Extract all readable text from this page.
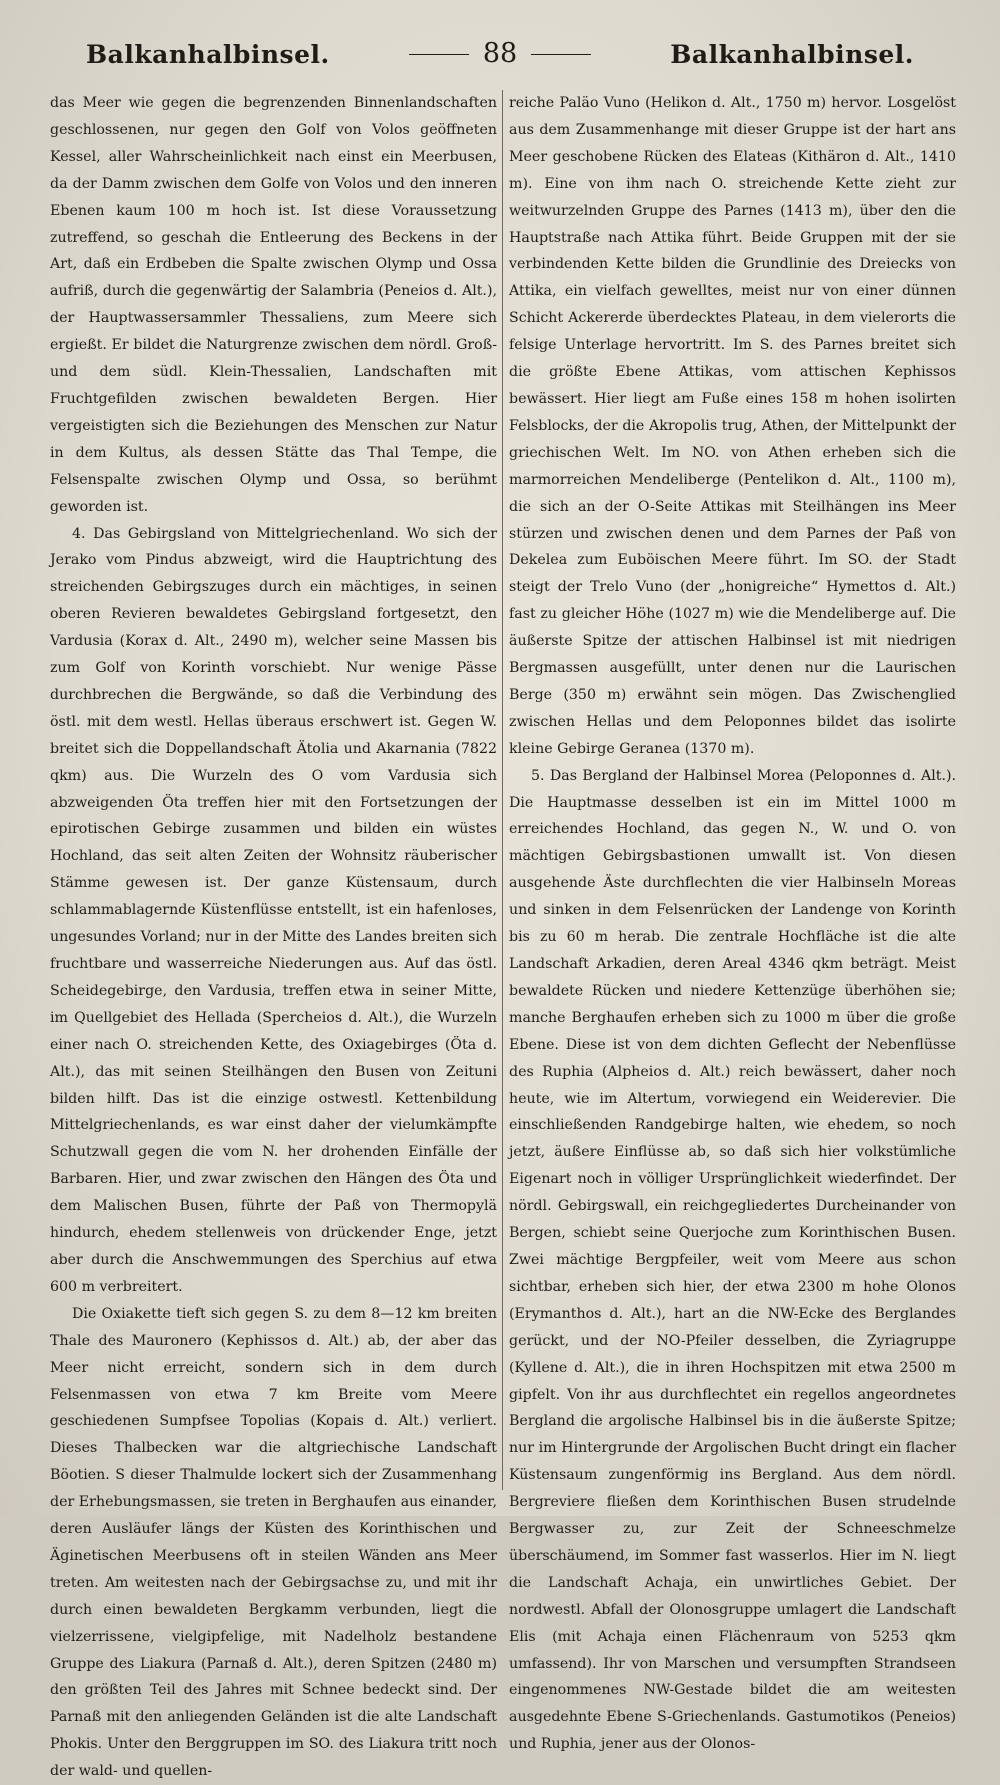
Balkanhalbinsel.	88	Balkanhalbinsel.

das Meer wie gegen die begrenzenden Binnenlandschaften geschlossenen, nur gegen den Golf von Volos geöffneten Kessel, aller Wahrscheinlichkeit nach einst ein Meerbusen, da der Damm zwischen dem Golfe von Volos und den inneren Ebenen kaum 100 m hoch ist. Ist diese Voraussetzung zutreffend, so geschah die Entleerung des Beckens in der Art, daß ein Erdbeben die Spalte zwischen Olymp und Ossa aufriß, durch die gegenwärtig der Salambria (Peneios d. Alt.), der Hauptwassersammler Thessaliens, zum Meere sich ergießt. Er bildet die Naturgrenze zwischen dem nördl. Groß- und dem südl. Klein-Thessalien, Landschaften mit Fruchtgefilden zwischen bewaldeten Bergen. Hier vergeistigten sich die Beziehungen des Menschen zur Natur in dem Kultus, als dessen Stätte das Thal Tempe, die Felsenspalte zwischen Olymp und Ossa, so berühmt geworden ist.

4. Das Gebirgsland von Mittelgriechenland. Wo sich der Jerako vom Pindus abzweigt, wird die Hauptrichtung des streichenden Gebirgszuges durch ein mächtiges, in seinen oberen Revieren bewaldetes Gebirgsland fortgesetzt, den Vardusia (Korax d. Alt., 2490 m), welcher seine Massen bis zum Golf von Korinth vorschiebt. Nur wenige Pässe durchbrechen die Bergwände, so daß die Verbindung des östl. mit dem westl. Hellas überaus erschwert ist. Gegen W. breitet sich die Doppellandschaft Ätolia und Akarnania (7822 qkm) aus. Die Wurzeln des O vom Vardusia sich abzweigenden Öta treffen hier mit den Fortsetzungen der epirotischen Gebirge zusammen und bilden ein wüstes Hochland, das seit alten Zeiten der Wohnsitz räuberischer Stämme gewesen ist. Der ganze Küstensaum, durch schlammablagernde Küstenflüsse entstellt, ist ein hafenloses, ungesundes Vorland; nur in der Mitte des Landes breiten sich fruchtbare und wasserreiche Niederungen aus. Auf das östl. Scheidegebirge, den Vardusia, treffen etwa in seiner Mitte, im Quellgebiet des Hellada (Spercheios d. Alt.), die Wurzeln einer nach O. streichenden Kette, des Oxiagebirges (Öta d. Alt.), das mit seinen Steilhängen den Busen von Zeituni bilden hilft. Das ist die einzige ostwestl. Kettenbildung Mittelgriechenlands, es war einst daher der vielumkämpfte Schutzwall gegen die vom N. her drohenden Einfälle der Barbaren. Hier, und zwar zwischen den Hängen des Öta und dem Malischen Busen, führte der Paß von Thermopylä hindurch, ehedem stellenweis von drückender Enge, jetzt aber durch die Anschwemmungen des Sperchius auf etwa 600 m verbreitert.

Die Oxiakette tieft sich gegen S. zu dem 8—12 km breiten Thale des Mauronero (Kephissos d. Alt.) ab, der aber das Meer nicht erreicht, sondern sich in dem durch Felsenmassen von etwa 7 km Breite vom Meere geschiedenen Sumpfsee Topolias (Kopais d. Alt.) verliert. Dieses Thalbecken war die altgriechische Landschaft Böotien. S dieser Thalmulde lockert sich der Zusammenhang der Erhebungsmassen, sie treten in Berghaufen aus einander, deren Ausläufer längs der Küsten des Korinthischen und Äginetischen Meerbusens oft in steilen Wänden ans Meer treten. Am weitesten nach der Gebirgsachse zu, und mit ihr durch einen bewaldeten Bergkamm verbunden, liegt die vielzerrissene, vielgipfelige, mit Nadelholz bestandene Gruppe des Liakura (Parnaß d. Alt.), deren Spitzen (2480 m) den größten Teil des Jahres mit Schnee bedeckt sind. Der Parnaß mit den anliegenden Geländen ist die alte Landschaft Phokis. Unter den Berggruppen im SO. des Liakura tritt noch der wald- und quellen-

reiche Paläo Vuno (Helikon d. Alt., 1750 m) hervor. Losgelöst aus dem Zusammenhange mit dieser Gruppe ist der hart ans Meer geschobene Rücken des Elateas (Kithäron d. Alt., 1410 m). Eine von ihm nach O. streichende Kette zieht zur weitwurzelnden Gruppe des Parnes (1413 m), über den die Hauptstraße nach Attika führt. Beide Gruppen mit der sie verbindenden Kette bilden die Grundlinie des Dreiecks von Attika, ein vielfach gewelltes, meist nur von einer dünnen Schicht Ackererde überdecktes Plateau, in dem vielerorts die felsige Unterlage hervortritt. Im S. des Parnes breitet sich die größte Ebene Attikas, vom attischen Kephissos bewässert. Hier liegt am Fuße eines 158 m hohen isolirten Felsblocks, der die Akropolis trug, Athen, der Mittelpunkt der griechischen Welt. Im NO. von Athen erheben sich die marmorreichen Mendeliberge (Pentelikon d. Alt., 1100 m), die sich an der O-Seite Attikas mit Steilhängen ins Meer stürzen und zwischen denen und dem Parnes der Paß von Dekelea zum Euböischen Meere führt. Im SO. der Stadt steigt der Trelo Vuno (der „honigreiche“ Hymettos d. Alt.) fast zu gleicher Höhe (1027 m) wie die Mendeliberge auf. Die äußerste Spitze der attischen Halbinsel ist mit niedrigen Bergmassen ausgefüllt, unter denen nur die Laurischen Berge (350 m) erwähnt sein mögen. Das Zwischenglied zwischen Hellas und dem Peloponnes bildet das isolirte kleine Gebirge Geranea (1370 m).

5. Das Bergland der Halbinsel Morea (Peloponnes d. Alt.). Die Hauptmasse desselben ist ein im Mittel 1000 m erreichendes Hochland, das gegen N., W. und O. von mächtigen Gebirgsbastionen umwallt ist. Von diesen ausgehende Äste durchflechten die vier Halbinseln Moreas und sinken in dem Felsenrücken der Landenge von Korinth bis zu 60 m herab. Die zentrale Hochfläche ist die alte Landschaft Arkadien, deren Areal 4346 qkm beträgt. Meist bewaldete Rücken und niedere Kettenzüge überhöhen sie; manche Berghaufen erheben sich zu 1000 m über die große Ebene. Diese ist von dem dichten Geflecht der Nebenflüsse des Ruphia (Alpheios d. Alt.) reich bewässert, daher noch heute, wie im Altertum, vorwiegend ein Weiderevier. Die einschließenden Randgebirge halten, wie ehedem, so noch jetzt, äußere Einflüsse ab, so daß sich hier volkstümliche Eigenart noch in völliger Ursprünglichkeit wiederfindet. Der nördl. Gebirgswall, ein reichgegliedertes Durcheinander von Bergen, schiebt seine Querjoche zum Korinthischen Busen. Zwei mächtige Bergpfeiler, weit vom Meere aus schon sichtbar, erheben sich hier, der etwa 2300 m hohe Olonos (Erymanthos d. Alt.), hart an die NW-Ecke des Berglandes gerückt, und der NO-Pfeiler desselben, die Zyriagruppe (Kyllene d. Alt.), die in ihren Hochspitzen mit etwa 2500 m gipfelt. Von ihr aus durchflechtet ein regellos angeordnetes Bergland die argolische Halbinsel bis in die äußerste Spitze; nur im Hintergrunde der Argolischen Bucht dringt ein flacher Küstensaum zungenförmig ins Bergland. Aus dem nördl. Bergreviere fließen dem Korinthischen Busen strudelnde Bergwasser zu, zur Zeit der Schneeschmelze überschäumend, im Sommer fast wasserlos. Hier im N. liegt die Landschaft Achaja, ein unwirtliches Gebiet. Der nordwestl. Abfall der Olonosgruppe umlagert die Landschaft Elis (mit Achaja einen Flächenraum von 5253 qkm umfassend). Ihr von Marschen und versumpften Strandseen eingenommenes NW-Gestade bildet die am weitesten ausgedehnte Ebene S-Griechenlands. Gastumotikos (Peneios) und Ruphia, jener aus der Olonos-
